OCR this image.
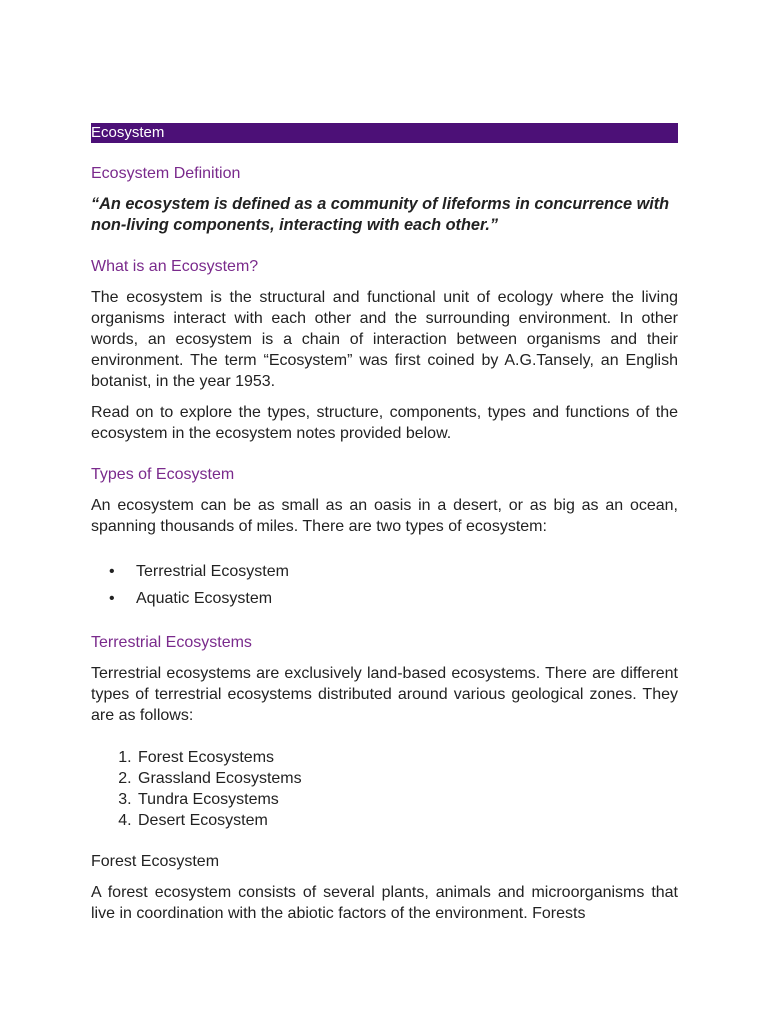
Ecosystem
Ecosystem Definition
“An ecosystem is defined as a community of lifeforms in concurrence with non-living components, interacting with each other.”
What is an Ecosystem?

The ecosystem is the structural and functional unit of ecology where the living organisms interact with each other and the surrounding environment. In other words, an ecosystem is a chain of interaction between organisms and their environment. The term “Ecosystem” was first coined by A.G.Tansely, an English botanist, in the year 1953.

Read on to explore the types, structure, components, types and functions of the ecosystem in the ecosystem notes provided below.

Types of Ecosystem

An ecosystem can be as small as an oasis in a desert, or as big as an ocean, spanning thousands of miles. There are two types of ecosystem:

• Terrestrial Ecosystem
• Aquatic Ecosystem
Terrestrial Ecosystems

Terrestrial ecosystems are exclusively land-based ecosystems. There are different types of terrestrial ecosystems distributed around various geological zones. They are as follows:

1. Forest Ecosystems
2. Grassland Ecosystems
3. Tundra Ecosystems
4. Desert Ecosystem
Forest Ecosystem

A forest ecosystem consists of several plants, animals and microorganisms that live in coordination with the abiotic factors of the environment. Forests
